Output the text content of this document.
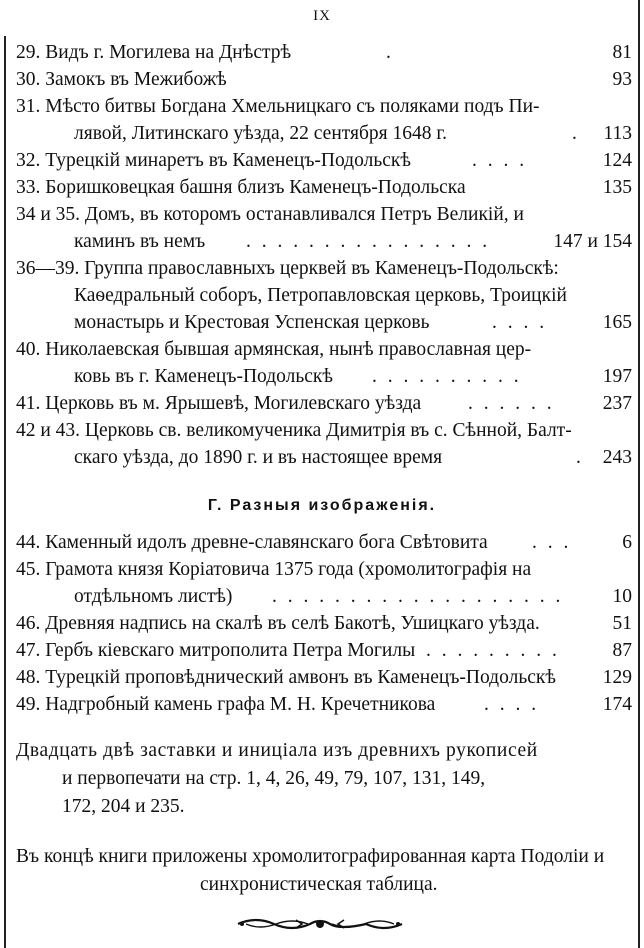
IX
29. Видъ г. Могилева на Днѣстрѣ	.	81
30. Замокъ въ Межибожѣ	93
31. Мѣсто битвы Богдана Хмельницкаго съ поляками подъ Пи-
лявой, Литинскаго уѣзда, 22 сентября 1648 г.	. 113
32. Турецкій минаретъ въ Каменецъ-Подольскѣ	. . . .	124
33. Боришковецкая башня близъ Каменецъ-Подольска	135
34 и 35. Домъ, въ которомъ останавливался Петръ Великій, и
каминъ въ немъ . . . . . . . . . . . . . . . .	147 и 154
36—39. Группа православныхъ церквей въ Каменецъ-Подольскѣ:
Каѳедральный соборъ, Петропавловская церковь, Троицкій
монастырь и Крестовая Успенская церковь	. . . .	165
40. Николаевская бывшая армянская, нынѣ православная цер-
ковь въ г. Каменецъ-Подольскѣ . . . . . . . . . .	197
41. Церковь въ м. Ярышевѣ, Могилевскаго уѣзда . . . . . . 237
42 и 43. Церковь св. великомученика Димитрія въ с. Сѣнной, Балт-
скаго уѣзда, до 1890 г. и въ настоящее время	. 243
Г. Разныя изображенія.
44. Каменный идолъ древне-славянскаго бога Свѣтовита . . .	6
45. Грамота князя Коріатовича 1375 года (хромолитографія на
отдѣльномъ листѣ) . . . . . . . . . . . . . . . . . . .	10
46. Древняя надпись на скалѣ въ селѣ Бакотѣ, Ушицкаго уѣзда.	51
47. Гербъ кіевскаго митрополита Петра Могилы . . . . . . . . .	87
48. Турецкій проповѣднический амвонъ въ Каменецъ-Подольскѣ 129
49. Надгробный камень графа М. Н. Кречетникова . . . .	174
Двадцать двѣ заставки и иниціала изъ древнихъ рукописей
и первопечати на стр. 1, 4, 26, 49, 79, 107, 131, 149,
172, 204 и 235.
Въ концѣ книги приложены хромолитографированная карта Подоліи и
синхронистическая таблица.
